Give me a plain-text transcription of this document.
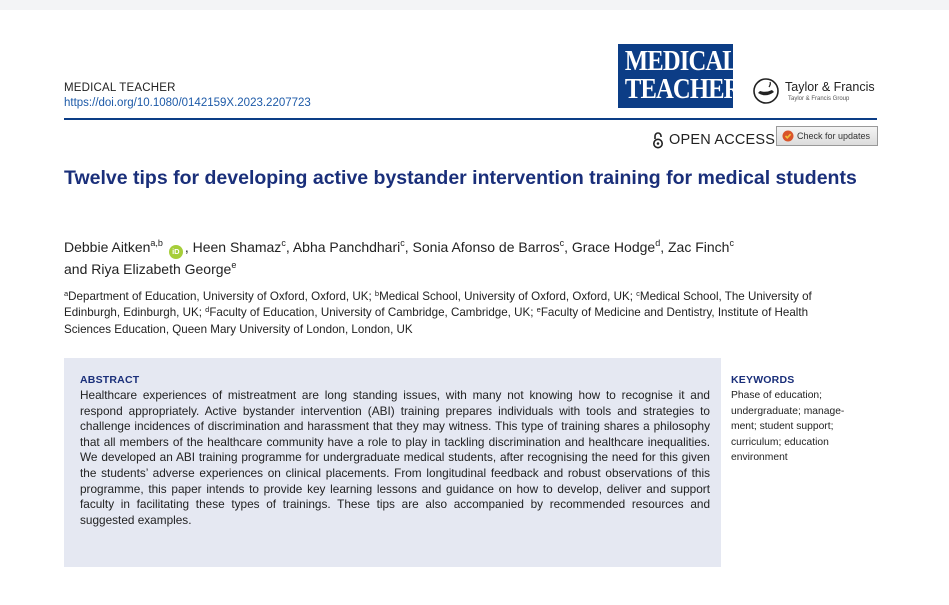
MEDICAL TEACHER
https://doi.org/10.1080/0142159X.2023.2207723
MEDICAL
TEACHER	Taylor & Francis
Taylor & Francis Group
OPEN ACCESS Check for updates
Twelve tips for developing active bystander intervention training for medical students
Debbie Aitken$^{a,b}$ iD , Heen Shamaz$^c$, Abha Panchdhari$^c$, Sonia Afonso de Barros$^c$, Grace Hodge$^d$, Zac Finch$^c$
and Riya Elizabeth George$^e$
$^a$Department of Education, University of Oxford, Oxford, UK; $^b$Medical School, University of Oxford, Oxford, UK; $^c$Medical School, The University of Edinburgh, Edinburgh, UK; $^d$Faculty of Education, University of Cambridge, Cambridge, UK; $^e$Faculty of Medicine and Dentistry, Institute of Health Sciences Education, Queen Mary University of London, London, UK
ABSTRACT

Healthcare experiences of mistreatment are long standing issues, with many not knowing how to recognise it and respond appropriately. Active bystander intervention (ABI) training prepares individuals with tools and strategies to challenge incidences of discrimination and harassment that they may witness. This type of training shares a philosophy that all members of the healthcare community have a role to play in tackling discrimination and healthcare inequalities. We developed an ABI training programme for undergraduate medical students, after recognising the need for this given the students’ adverse experiences on clinical placements. From longitudinal feedback and robust observations of this programme, this paper intends to provide key learning lessons and guidance on how to develop, deliver and support faculty in facilitating these types of trainings. These tips are also accompanied by recommended resources and suggested examples.

KEYWORDS
Phase of education;
undergraduate; manage-
ment; student support;
curriculum; education
environment
